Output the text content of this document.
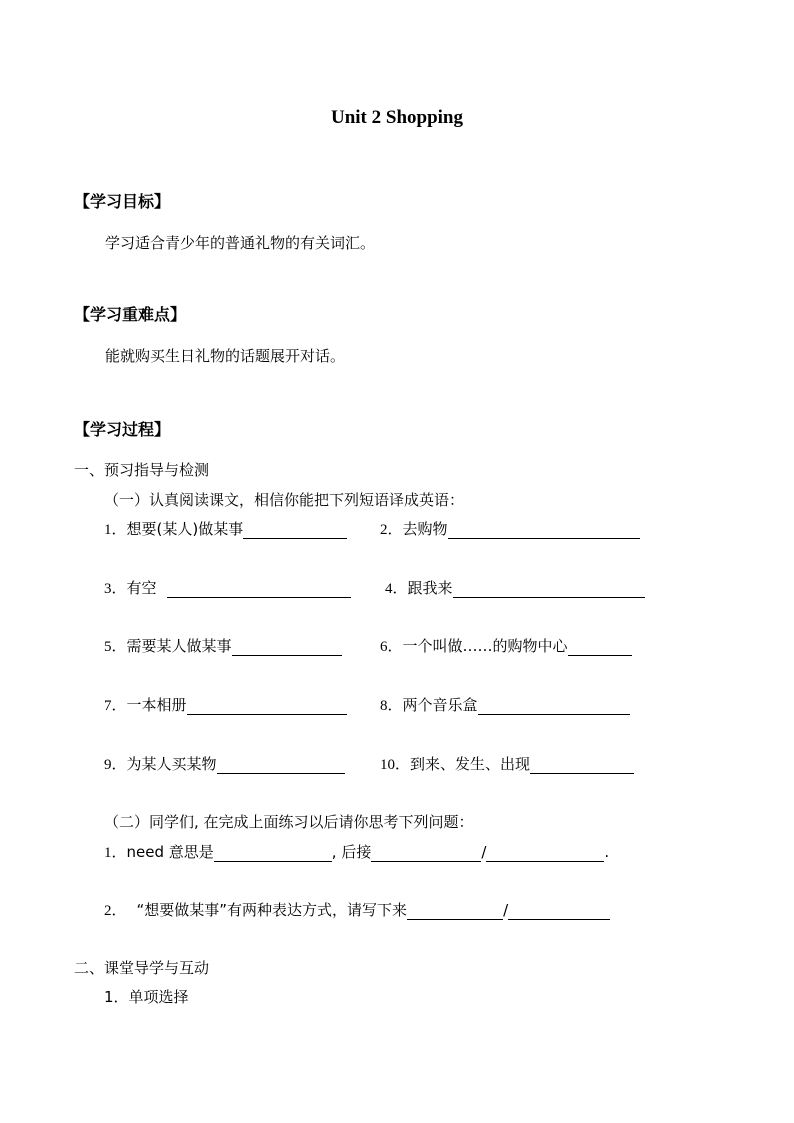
Unit 2 Shopping
【学习目标】
学习适合青少年的普通礼物的有关词汇。
【学习重难点】
能就购买生日礼物的话题展开对话。
【学习过程】
一、预习指导与检测
（一）认真阅读课文，相信你能把下列短语译成英语：
1．想要(某人)做某事	2．去购物
3．有空	4．跟我来
5．需要某人做某事	6．一个叫做……的购物中心
7．一本相册	8．两个音乐盒
9．为某人买某物	10．到来、发生、出现
（二）同学们, 在完成上面练习以后请你思考下列问题：
1．need 意思是	, 后接	/	.
2． “想要做某事”有两种表达方式，请写下来	/
二、课堂导学与互动
1．单项选择
